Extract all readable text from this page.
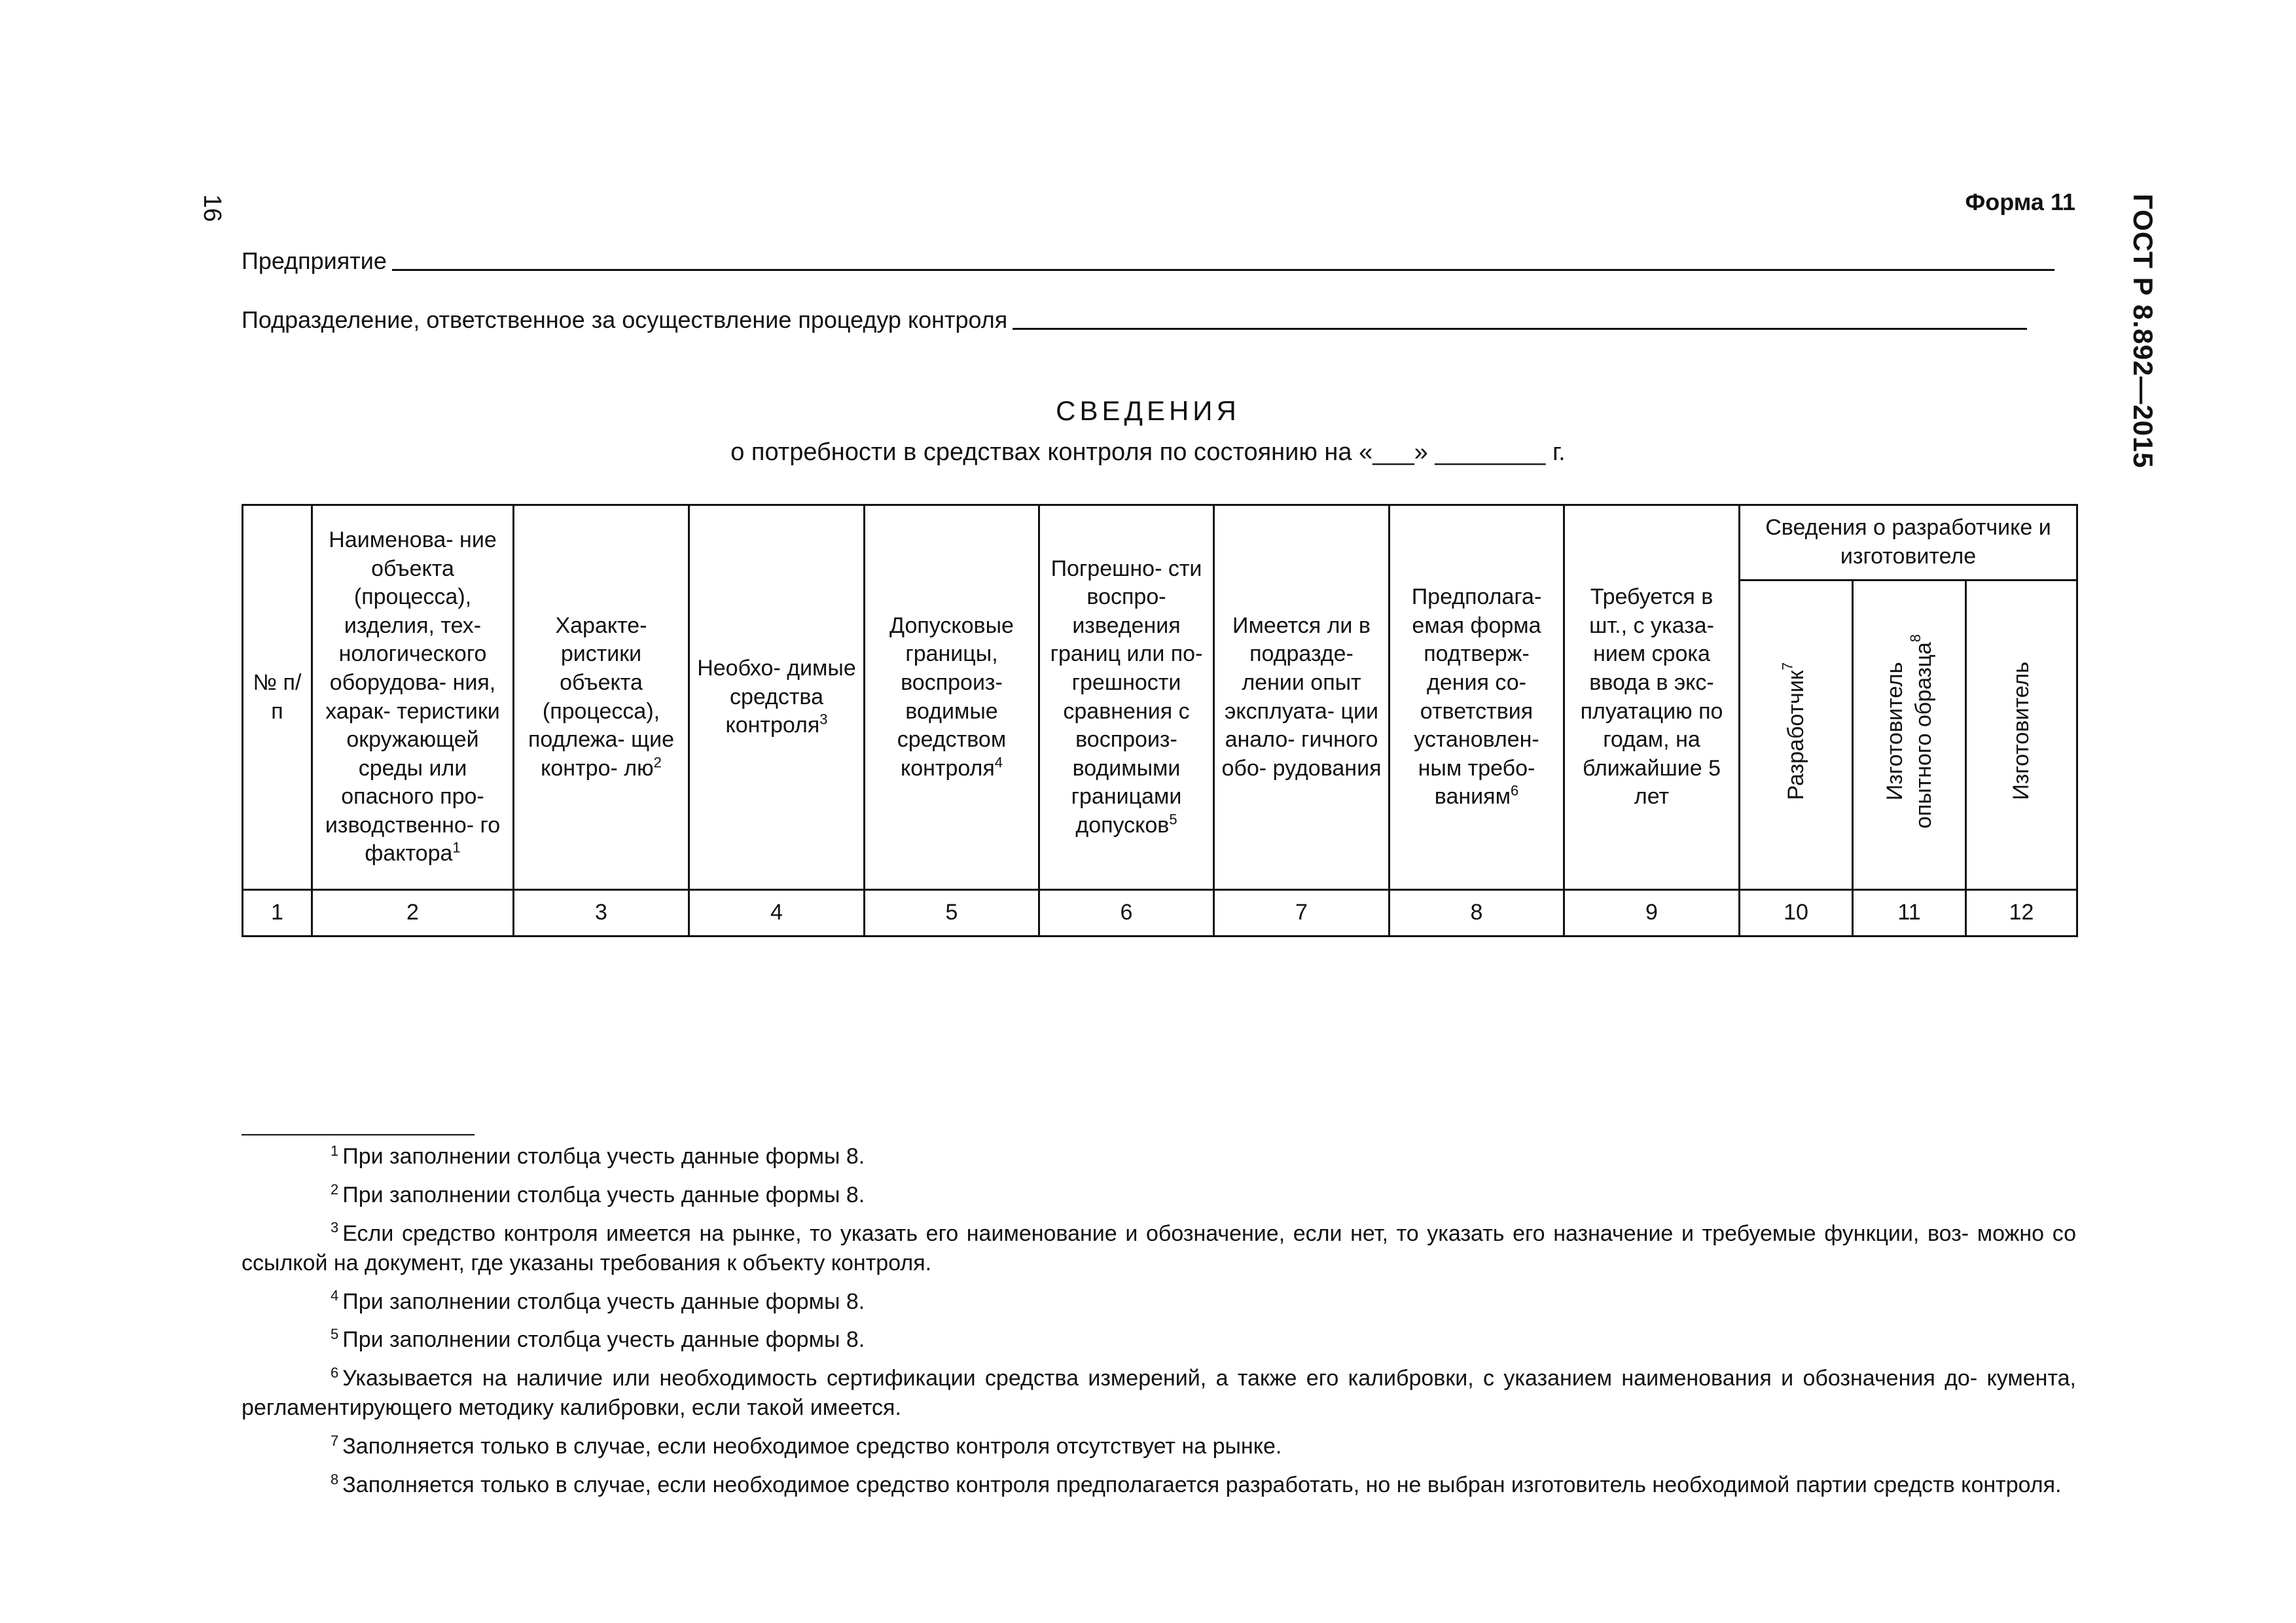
16	ГОСТ Р 8.892—2015
Форма 11
Предприятие
Подразделение, ответственное за осуществление процедур контроля
СВЕДЕНИЯ
о потребности в средствах контроля по состоянию на «___» ________ г.
№ п/п	Наименова- ние объекта (процесса), изделия, тех- нологического оборудова- ния, харак- теристики окружающей среды или опасного про- изводственно- го фактора$^1$	Характе- ристики объекта (процесса), подлежа- щие контро- $лю^2$	Необхо- димые средства контроля$^3$	Допусковые границы, воспроиз- водимые средством контроля$^4$	Погрешно- сти воспро- изведения границ или по- грешности сравнения с воспроиз- водимыми границами допусков$^5$	Имеется ли в подразде- лении опыт эксплуата- ции анало- гичного обо- рудования	Предполага- емая форма подтверж- дения со- ответствия установлен- ным требо- ваниям$^6$	Требуется в шт., с указа- нием срока ввода в экс- плуатацию по годам, на ближайшие 5 лет	Сведения о разработчике и изготовителе		
									Разработчик$^7$	Изготовитель опытного образца$^8$	Изготовитель
1	2	3	4	5	6	7	8	9	10	11	12
$^1$ При заполнении столбца учесть данные формы 8.
$^2$ При заполнении столбца учесть данные формы 8.
$^3$ Если средство контроля имеется на рынке, то указать его наименование и обозначение, если нет, то указать его назначение и требуемые функции, воз- можно со ссылкой на документ, где указаны требования к объекту контроля.
$^4$ При заполнении столбца учесть данные формы 8.
$^5$ При заполнении столбца учесть данные формы 8.
$^6$ Указывается на наличие или необходимость сертификации средства измерений, а также его калибровки, с указанием наименования и обозначения до- кумента, регламентирующего методику калибровки, если такой имеется.
$^7$ Заполняется только в случае, если необходимое средство контроля отсутствует на рынке.
$^8$ Заполняется только в случае, если необходимое средство контроля предполагается разработать, но не выбран изготовитель необходимой партии средств контроля.
